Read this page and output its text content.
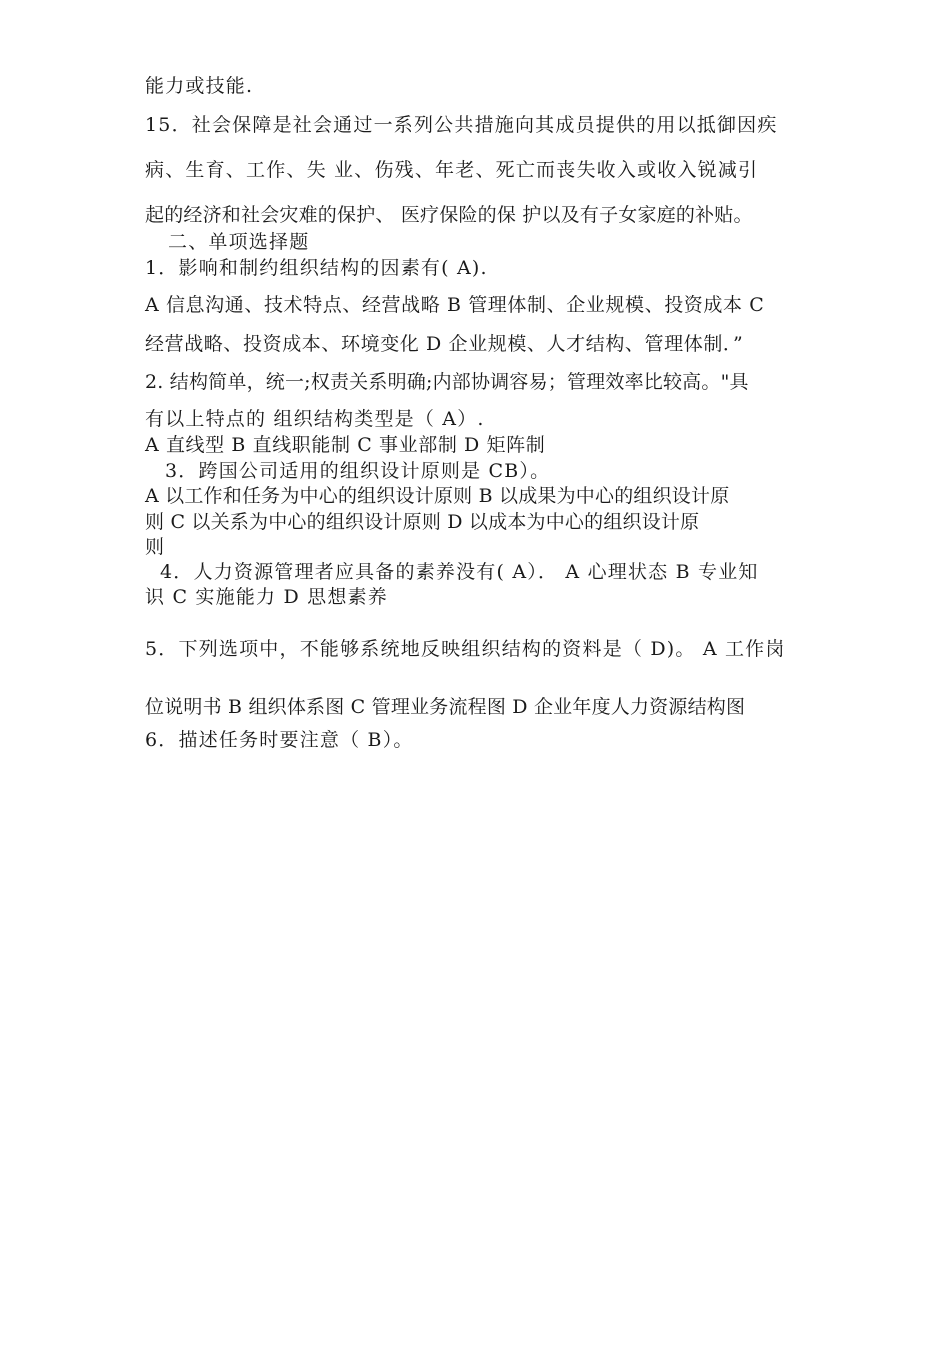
能力或技能.
15．社会保障是社会通过一系列公共措施向其成员提供的用以抵御因疾
病、生育、工作、失 业、伤残、年老、死亡而丧失收入或收入锐减引
起的经济和社会灾难的保护、 医疗保险的保 护以及有子女家庭的补贴。
二、单项选择题
1．影响和制约组织结构的因素有( A).
A 信息沟通、技术特点、经营战略 B 管理体制、企业规模、投资成本 C
经营战略、投资成本、环境变化 D 企业规模、人才结构、管理体制．”
2. 结构简单，统一;权责关系明确;内部协调容易；管理效率比较高。"具
有以上特点的 组织结构类型是（ A）.
A 直线型 B 直线职能制 C 事业部制 D 矩阵制
3．跨国公司适用的组织设计原则是 CB）。
A 以工作和任务为中心的组织设计原则 B 以成果为中心的组织设计原
则 C 以关系为中心的组织设计原则 D 以成本为中心的组织设计原
则
4．人力资源管理者应具备的素养没有( A）． A 心理状态 B 专业知
识 C 实施能力 D 思想素养
5．下列选项中，不能够系统地反映组织结构的资料是（ D)。 A 工作岗
位说明书 B 组织体系图 C 管理业务流程图 D 企业年度人力资源结构图
6．描述任务时要注意（ B）。
